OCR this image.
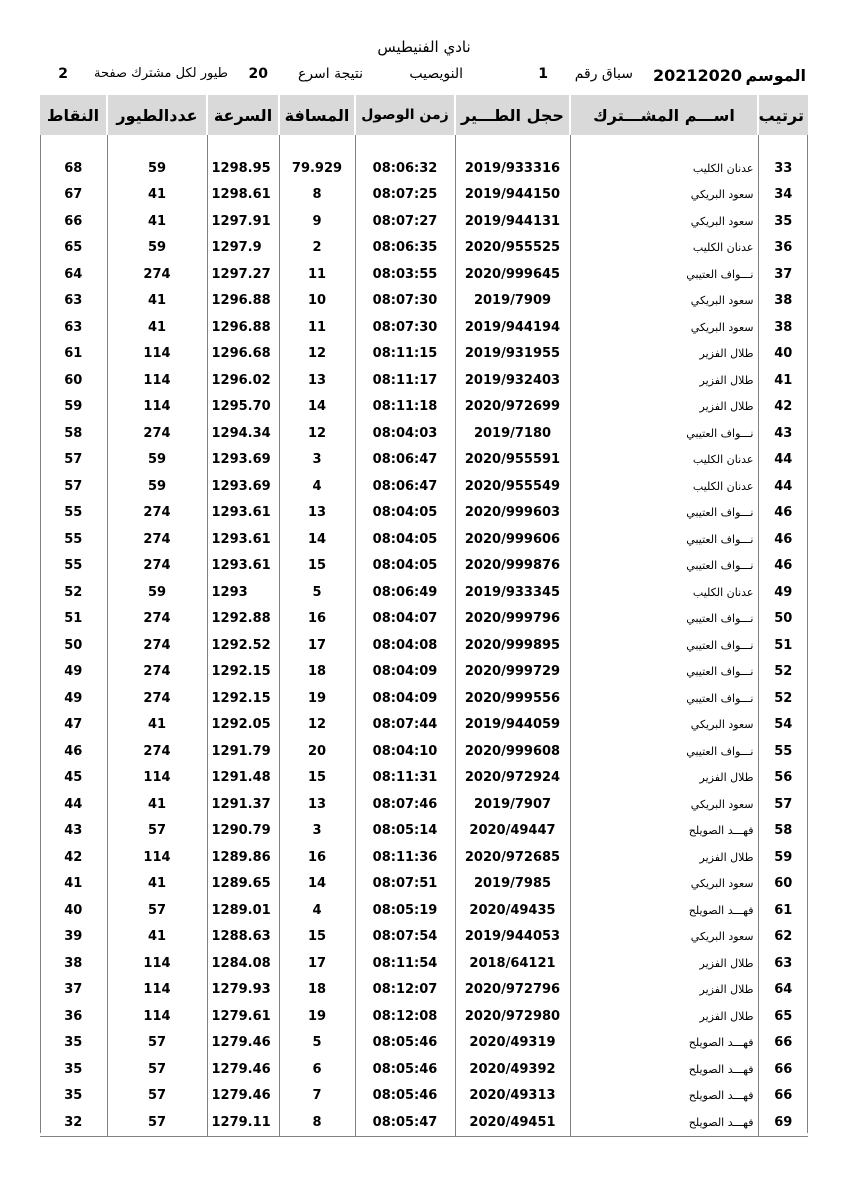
نادي الفنيطيس
الموسم
20212020
سباق رقم
1
النويصيب
نتيجة اسرع
20
طيور لكل مشترك صفحة
2
ترتيب	اســـم المشـــترك	حجل الطـــير	زمن الوصول	المسافة	السرعة	عددالطيور	النقاط
33	عدنان الكليب	2019/933316	08:06:32	79.929	1298.95	59	68
34	سعود البريكي	2019/944150	08:07:25	8	1298.61	41	67
35	سعود البريكي	2019/944131	08:07:27	9	1297.91	41	66
36	عدنان الكليب	2020/955525	08:06:35	2	1297.9	59	65
37	نـــواف العتيبي	2020/999645	08:03:55	11	1297.27	274	64
38	سعود البريكي	2019/7909	08:07:30	10	1296.88	41	63
38	سعود البريكي	2019/944194	08:07:30	11	1296.88	41	63
40	طلال الفزير	2019/931955	08:11:15	12	1296.68	114	61
41	طلال الفزير	2019/932403	08:11:17	13	1296.02	114	60
42	طلال الفزير	2020/972699	08:11:18	14	1295.70	114	59
43	نـــواف العتيبي	2019/7180	08:04:03	12	1294.34	274	58
44	عدنان الكليب	2020/955591	08:06:47	3	1293.69	59	57
44	عدنان الكليب	2020/955549	08:06:47	4	1293.69	59	57
46	نـــواف العتيبي	2020/999603	08:04:05	13	1293.61	274	55
46	نـــواف العتيبي	2020/999606	08:04:05	14	1293.61	274	55
46	نـــواف العتيبي	2020/999876	08:04:05	15	1293.61	274	55
49	عدنان الكليب	2019/933345	08:06:49	5	1293	59	52
50	نـــواف العتيبي	2020/999796	08:04:07	16	1292.88	274	51
51	نـــواف العتيبي	2020/999895	08:04:08	17	1292.52	274	50
52	نـــواف العتيبي	2020/999729	08:04:09	18	1292.15	274	49
52	نـــواف العتيبي	2020/999556	08:04:09	19	1292.15	274	49
54	سعود البريكي	2019/944059	08:07:44	12	1292.05	41	47
55	نـــواف العتيبي	2020/999608	08:04:10	20	1291.79	274	46
56	طلال الفزير	2020/972924	08:11:31	15	1291.48	114	45
57	سعود البريكي	2019/7907	08:07:46	13	1291.37	41	44
58	فهـــد الصويلح	2020/49447	08:05:14	3	1290.79	57	43
59	طلال الفزير	2020/972685	08:11:36	16	1289.86	114	42
60	سعود البريكي	2019/7985	08:07:51	14	1289.65	41	41
61	فهـــد الصويلح	2020/49435	08:05:19	4	1289.01	57	40
62	سعود البريكي	2019/944053	08:07:54	15	1288.63	41	39
63	طلال الفزير	2018/64121	08:11:54	17	1284.08	114	38
64	طلال الفزير	2020/972796	08:12:07	18	1279.93	114	37
65	طلال الفزير	2020/972980	08:12:08	19	1279.61	114	36
66	فهـــد الصويلح	2020/49319	08:05:46	5	1279.46	57	35
66	فهـــد الصويلح	2020/49392	08:05:46	6	1279.46	57	35
66	فهـــد الصويلح	2020/49313	08:05:46	7	1279.46	57	35
69	فهـــد الصويلح	2020/49451	08:05:47	8	1279.11	57	32
